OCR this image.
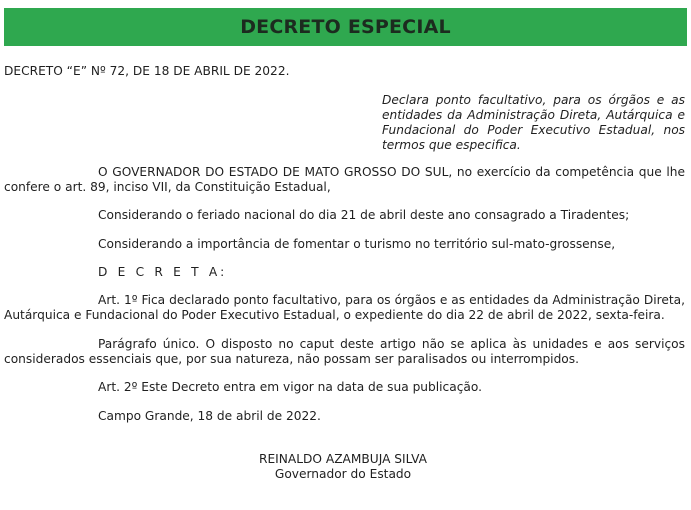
DECRETO ESPECIAL
DECRETO “E” Nº 72, DE 18 DE ABRIL DE 2022.
Declara ponto facultativo, para os órgãos e as entidades da Administração Direta, Autárquica e Fundacional do Poder Executivo Estadual, nos termos que especifica.
O GOVERNADOR DO ESTADO DE MATO GROSSO DO SUL, no exercício da competência que lhe confere o art. 89, inciso VII, da Constituição Estadual,
Considerando o feriado nacional do dia 21 de abril deste ano consagrado a Tiradentes;
Considerando a importância de fomentar o turismo no território sul-mato-grossense,
D E C R E T A:
Art. 1º Fica declarado ponto facultativo, para os órgãos e as entidades da Administração Direta, Autárquica e Fundacional do Poder Executivo Estadual, o expediente do dia 22 de abril de 2022, sexta-feira.
Parágrafo único. O disposto no caput deste artigo não se aplica às unidades e aos serviços considerados essenciais que, por sua natureza, não possam ser paralisados ou interrompidos.
Art. 2º Este Decreto entra em vigor na data de sua publicação.
Campo Grande, 18 de abril de 2022.
REINALDO AZAMBUJA SILVA
Governador do Estado
